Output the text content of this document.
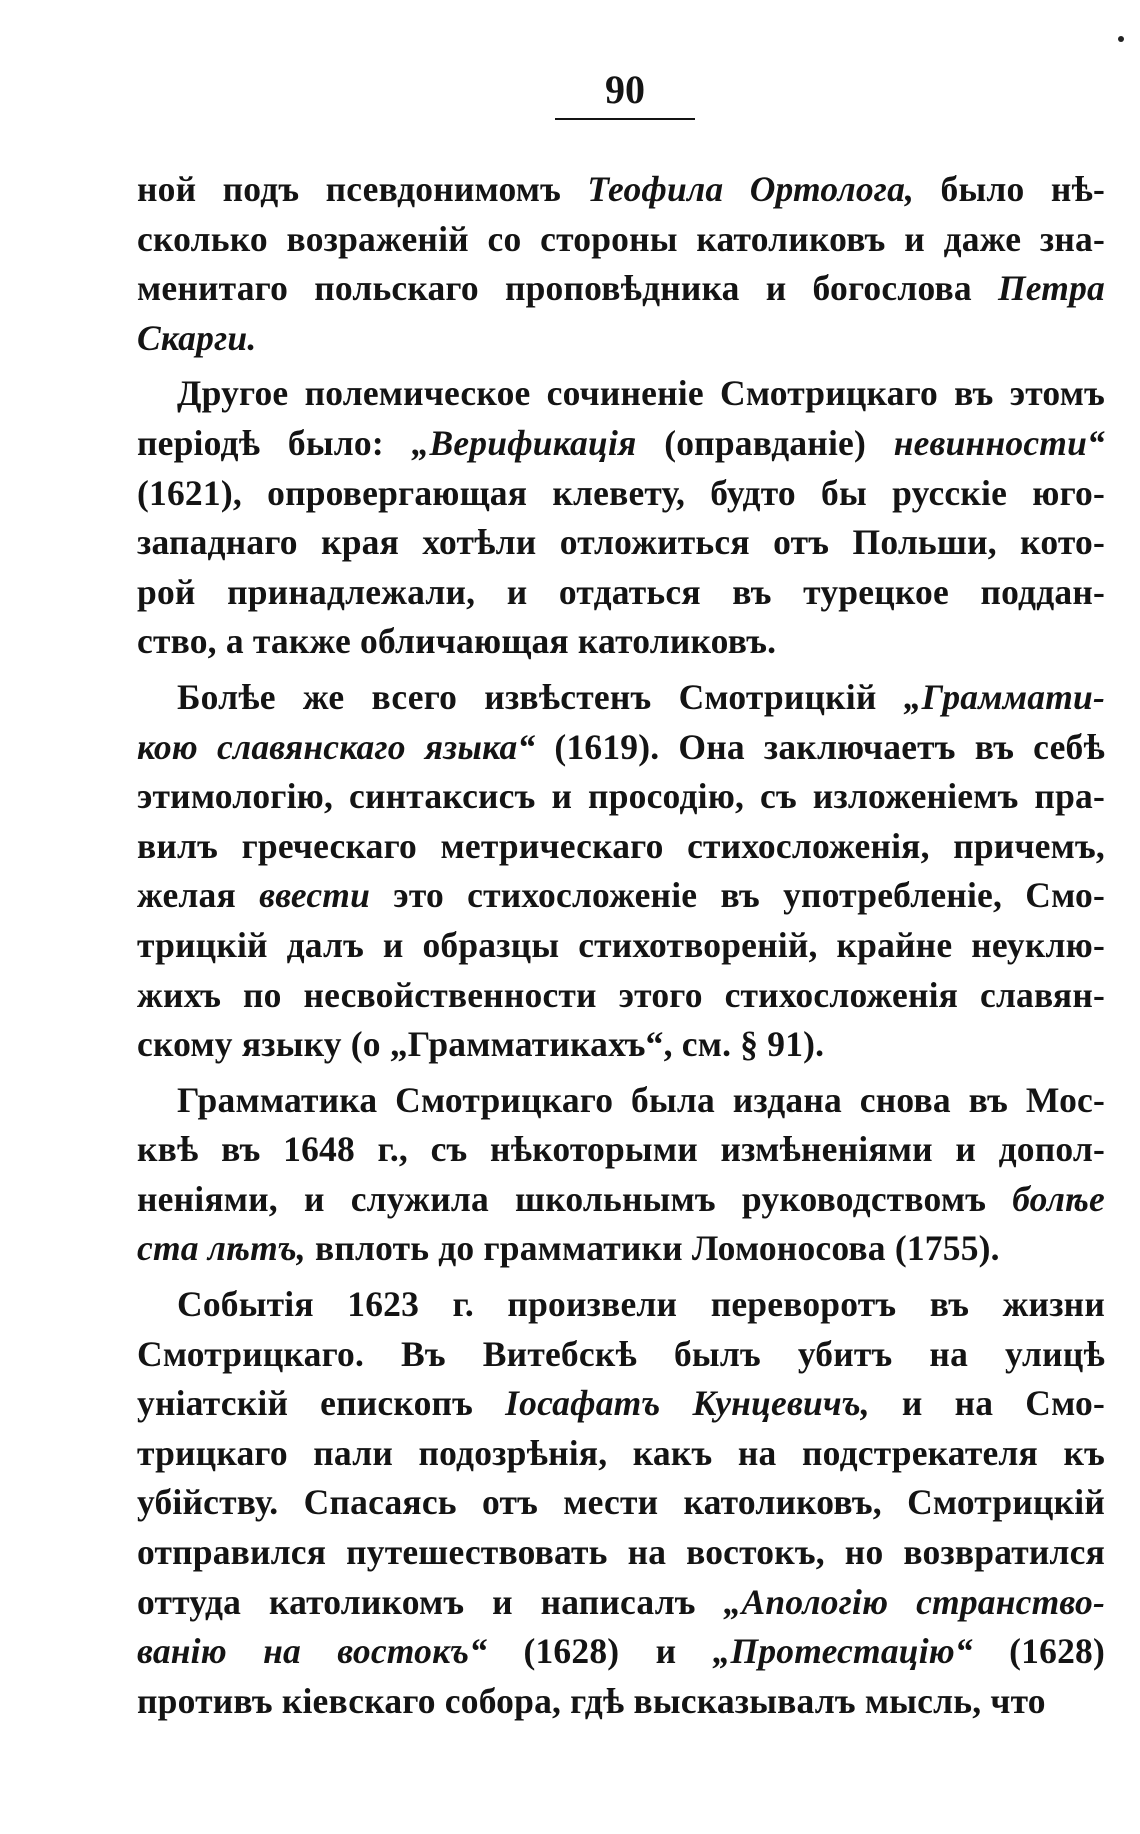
90
ной подъ псевдонимомъ Теофила Ортолога, было нѣ-
сколько возраженій со стороны католиковъ и даже зна-
менитаго польскаго проповѣдника и богослова Петра
Скарги.
Другое полемическое сочиненіе Смотрицкаго въ этомъ
періодѣ было: „Верификація (оправданіе) невинности“
(1621), опровергающая клевету, будто бы русскіе юго-
западнаго края хотѣли отложиться отъ Польши, кото-
рой принадлежали, и отдаться въ турецкое поддан-
ство, а также обличающая католиковъ.
Болѣе же всего извѣстенъ Смотрицкій „Граммати-
кою славянскаго языка“ (1619). Она заключаетъ въ себѣ
этимологію, синтаксисъ и просодію, съ изложеніемъ пра-
вилъ греческаго метрическаго стихосложенія, причемъ,
желая ввести это стихосложеніе въ употребленіе, Смо-
трицкій далъ и образцы стихотвореній, крайне неуклю-
жихъ по несвойственности этого стихосложенія славян-
скому языку (о „Грамматикахъ“, см. § 91).
Грамматика Смотрицкаго была издана снова въ Мос-
квѣ въ 1648 г., съ нѣкоторыми измѣненіями и допол-
неніями, и служила школьнымъ руководствомъ болѣе
ста лѣтъ, вплоть до грамматики Ломоносова (1755).
Событія 1623 г. произвели переворотъ въ жизни
Смотрицкаго. Въ Витебскѣ былъ убитъ на улицѣ
уніатскій епископъ Іосафатъ Кунцевичъ, и на Смо-
трицкаго пали подозрѣнія, какъ на подстрекателя къ
убійству. Спасаясь отъ мести католиковъ, Смотрицкій
отправился путешествовать на востокъ, но возвратился
оттуда католикомъ и написалъ „Апологію странство-
ванію на востокъ“ (1628) и „Протестацію“ (1628)
противъ кіевскаго собора, гдѣ высказывалъ мысль, что
